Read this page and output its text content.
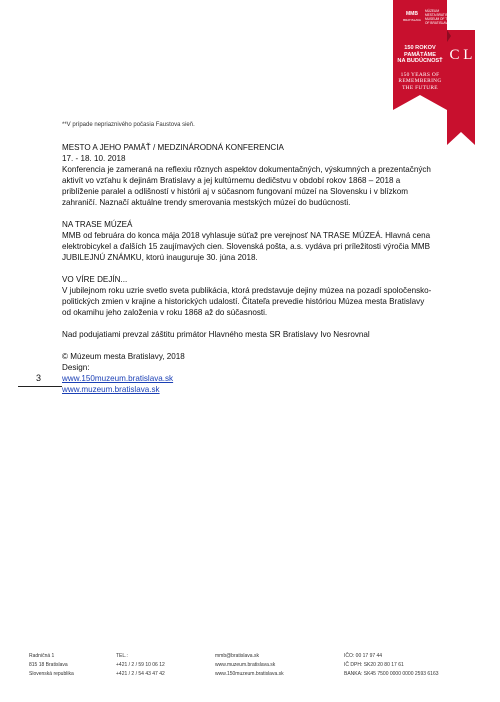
MMB
BRATISLAVA
MÚZEUM
MESTA BRATISLAVY
MUSEUM OF THE CITY
OF BRATISLAVA
150 ROKOV
PAMÄTÁME
NA BUDÚCNOSŤ
150 YEARS OF
REMEMBERING
THE FUTURE
C L
**V prípade nepriaznivého počasia Faustova sieň.

MESTO A JEHO PAMÄŤ / MEDZINÁRODNÁ KONFERENCIA

17. - 18. 10. 2018

Konferencia je zameraná na reflexiu rôznych aspektov dokumentačných, výskumných a prezentačných aktivít vo vzťahu k dejinám Bratislavy a jej kultúrnemu dedičstvu v období rokov 1868 – 2018 a priblíženie paralel a odlišností v histórii aj v súčasnom fungovaní múzeí na Slovensku i v blízkom zahraničí. Naznačí aktuálne trendy smerovania mestských múzeí do budúcnosti.

NA TRASE MÚZEÁ

MMB od februára do konca mája 2018 vyhlasuje súťaž pre verejnosť NA TRASE MÚZEÁ. Hlavná cena elektrobicykel a ďalších 15 zaujímavých cien. Slovenská pošta, a.s. vydáva pri príležitosti výročia MMB JUBILEJNÚ ZNÁMKU, ktorú inauguruje 30. júna 2018.

VO VÍRE DEJÍN...

V jubilejnom roku uzrie svetlo sveta publikácia, ktorá predstavuje dejiny múzea na pozadí spoločensko-politických zmien v krajine a historických udalostí. Čitateľa prevedie históriou Múzea mesta Bratislavy od okamihu jeho založenia v roku 1868 až do súčasnosti.

Nad podujatiami prevzal záštitu primátor Hlavného mesta SR Bratislavy Ivo Nesrovnal

© Múzeum mesta Bratislavy, 2018

Design:

www.150muzeum.bratislava.sk

www.muzeum.bratislava.sk

3
Radničná 1
815 18 Bratislava
Slovenská republika
TEL.:
+421 / 2 / 59 10 06 12
+421 / 2 / 54 43 47 42
mmb@bratislava.sk
www.muzeum.bratislava.sk
www.150muzeum.bratislava.sk
IČO: 00 17 97 44
IČ DPH: SK20 20 80 17 61
BANKA: SK45 7500 0000 0000 2593 6163
